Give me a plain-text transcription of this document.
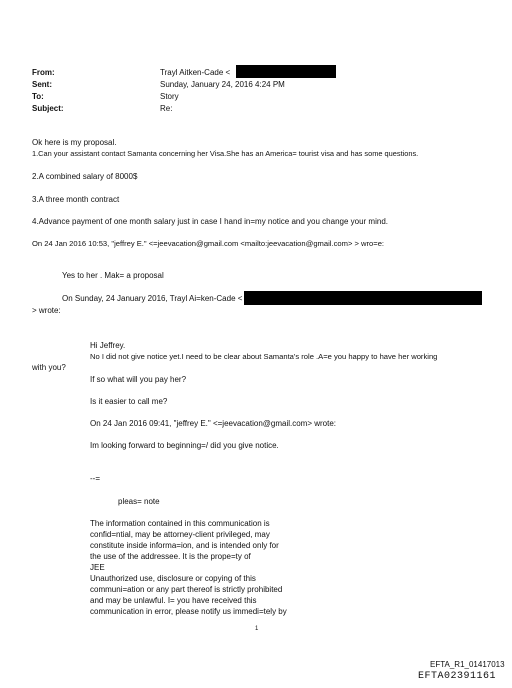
From:	Trayl Aitken-Cade <
Sent:	Sunday, January 24, 2016 4:24 PM
To:	Story
Subject:	Re:
Ok here is my proposal.
1.Can your assistant contact Samanta concerning her Visa.She has an America= tourist visa and has some questions.
2.A combined salary of 8000$
3.A three month contract
4.Advance payment of one month salary just in case I hand in=my notice and you change your mind.
On 24 Jan 2016 10:53, "jeffrey E." <=jeevacation@gmail.com <mailto:jeevacation@gmail.com> > wro=e:
Yes to her . Mak= a proposal
On Sunday, 24 January 2016, Trayl Ai=ken-Cade <
> wrote:
Hi Jeffrey.
No I did not give notice yet.I need to be clear about Samanta's role .A=e you happy to have her working
with you?
If so what will you pay her?
Is it easier to call me?
On 24 Jan 2016 09:41, "jeffrey E." <=jeevacation@gmail.com> wrote:
Im looking forward to beginning=/ did you give notice.
--=
pleas= note
The information contained in this communication is
confid=ntial, may be attorney-client privileged, may
constitute inside informa=ion, and is intended only for
the use of the addressee. It is the prope=ty of
JEE
Unauthorized use, disclosure or copying of this
communi=ation or any part thereof is strictly prohibited
and may be unlawful. I= you have received this
communication in error, please notify us immedi=tely by
1
EFTA_R1_01417013
EFTA02391161
